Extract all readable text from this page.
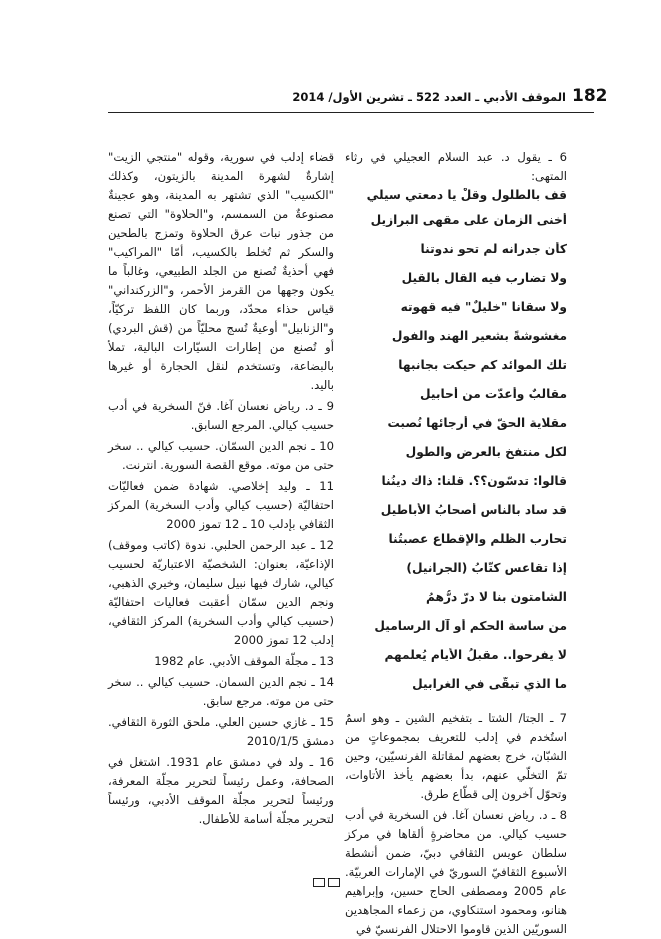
182
الموقف الأدبي ـ العدد 522 ـ تشرين الأول/ 2014

6 ـ يقول د. عبد السلام العجيلي في رثاء المتهى:

قف بالطلول وقلْ يا دمعتي سيلي

أخنى الزمان على مقهى البرازيل

كأن جدرانه لم تحو ندوتنا

ولا تضارب فيه القال بالقيل

ولا سقانا "خليلٌ" فيه قهوته

مغشوشةً بشعير الهند والفول

تلك الموائد كم حيكت بجانبها

مقالبٌ وأُعدّت من أحابيل

مقلاية الحقّ في أرجائها نُصبت

لكل منتفخ بالعرض والطول

قالوا: تدسّون؟؟. قلنا: ذاك دينُنا

قد ساد بالناس أصحابُ الأباطيل

تحارب الظلم والإقطاع عصبتُنا

إذا تقاعس كتّابُ (الجرانيل)

الشامتون بنا لا درّ درُّهمُ

من ساسة الحكم أو آل الرساميل

لا يفرحوا.. مقبلُ الأيام يُعلمهم

ما الذي تبقّى في الغرابيل

7 ـ الجتا/ الشتا ـ بتفخيم الشين ـ وهو اسمٌ استُخدم في إدلب للتعريف بمجموعاتٍ من الشبّان، خرج بعضهم لمقاتلة الفرنسيّين، وحين تمّ التخلّي عنهم، بدأ بعضهم يأخذ الأتاوات، وتحوّل آخرون إلى قطّاع طرق.

8 ـ د. رياض نعسان آغا. فن السخرية في أدب حسيب كيالي. من محاضرةٍ ألقاها في مركز سلطان عويس الثقافي دبيّ، ضمن أنشطة الأسبوع الثقافيّ السوريّ في الإمارات العربيّة. عام 2005 ومصطفى الحاج حسين، وإبراهيم هنانو، ومحمود استنكاوي، من زعماء المجاهدين السوريّين الذين قاوموا الاحتلال الفرنسيّ في

قضاء إدلب في سورية، وقوله "منتجي الزيت" إشارةٌ لشهرة المدينة بالزيتون، وكذلك "الكسيب" الذي تشتهر به المدينة، وهو عجينةٌ مصنوعةٌ من السمسم، و"الحلاوة" التي تصنع من جذور نبات عرق الحلاوة وتمزج بالطحين والسكر ثم تُخلط بالكسيب، أمّا "المراكيب" فهي أحذيةٌ تُصنع من الجلد الطبيعي، وغالباً ما يكون وجهها من القرمز الأحمر، و"الزركنداني" قياس حذاء محدّد، وربما كان اللفظ تركيّاً، و"الزنابيل" أوعيةٌ تُسج محليّاً من (قش البردي) أو تُصنع من إطارات السيّارات البالية، تملأ بالبضاعة، وتستخدم لنقل الحجارة أو غيرها باليد.

9 ـ د. رياض نعسان آغا. فنّ السخرية في أدب حسيب كيالي. المرجع السابق.

10 ـ نجم الدين السمّان. حسيب كيالي .. سخر حتى من موته. موقع القصة السورية. انترنت.

11 ـ وليد إخلاصي. شهادة ضمن فعاليّات احتفاليّة (حسيب كيالي وأدب السخرية) المركز الثقافي بإدلب 10 ـ 12 تموز 2000

12 ـ عبد الرحمن الحلبي. ندوة (كاتب وموقف) الإذاعيّة، بعنوان: الشخصيّة الاعتباريّة لحسيب كيالي، شارك فيها نبيل سليمان، وخيري الذهبي، ونجم الدين سمّان أعقبت فعاليات احتفاليّة (حسيب كيالي وأدب السخرية) المركز الثقافي، إدلب 12 تموز 2000

13 ـ مجلّة الموقف الأدبي. عام 1982

14 ـ نجم الدين السمان. حسيب كيالي .. سخر حتى من موته. مرجع سابق.

15 ـ غازي حسين العلي. ملحق الثورة الثقافي. دمشق 2010/1/5

16 ـ ولد في دمشق عام 1931. اشتغل في الصحافة، وعمل رئيساً لتحرير مجلّة المعرفة، ورئيساً لتحرير مجلّة الموقف الأدبي، ورئيساً لتحرير مجلّة أسامة للأطفال.
